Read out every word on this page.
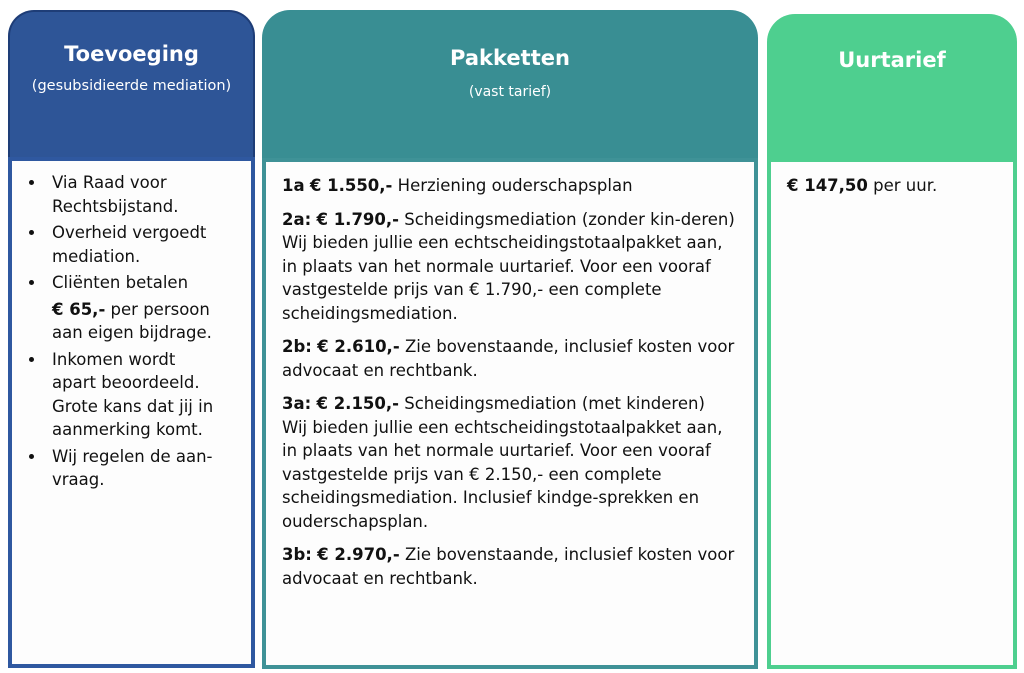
Toevoeging
(gesubsidieerde mediation)
Via Raad voor
Rechtsbijstand.
Overheid vergoedt
mediation.
Cliënten betalen

€ 65,- per persoon
aan eigen bijdrage.
Inkomen wordt
apart beoordeeld.
Grote kans dat jij in
aanmerking komt.
Wij regelen de aan-
vraag.
Pakketten
(vast tarief)
1a € 1.550,- Herziening ouderschapsplan
2a: € 1.790,- Scheidingsmediation (zonder kin-deren)
Wij bieden jullie een echtscheidingstotaalpakket aan, in plaats van het normale uurtarief. Voor een vooraf vastgestelde prijs van € 1.790,- een complete scheidingsmediation.
2b: € 2.610,- Zie bovenstaande, inclusief kosten voor advocaat en rechtbank.
3a: € 2.150,- Scheidingsmediation (met kinderen)
Wij bieden jullie een echtscheidingstotaalpakket aan, in plaats van het normale uurtarief. Voor een vooraf vastgestelde prijs van € 2.150,- een complete scheidingsmediation. Inclusief kindge-sprekken en ouderschapsplan.
3b: € 2.970,- Zie bovenstaande, inclusief kosten voor advocaat en rechtbank.
Uurtarief
€ 147,50 per uur.
